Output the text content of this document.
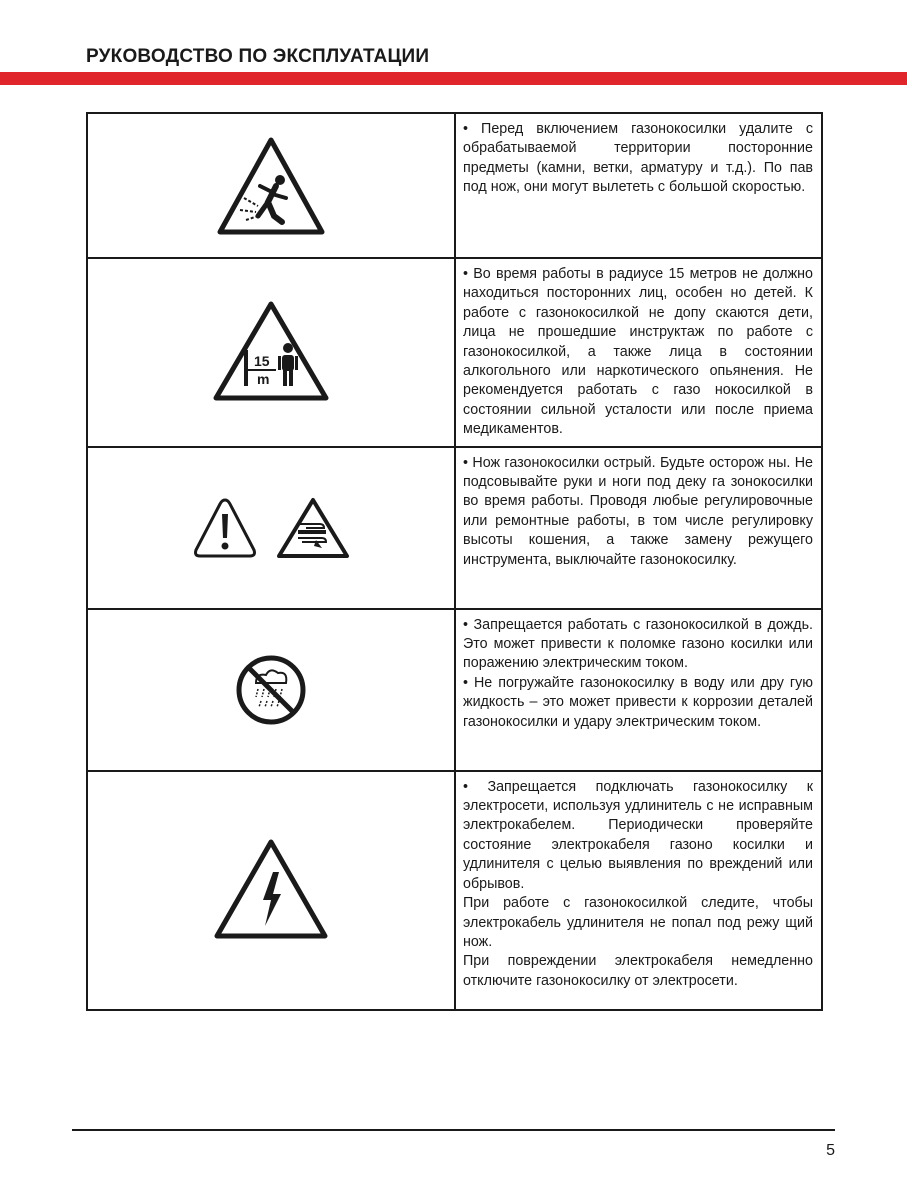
РУКОВОДСТВО ПО ЭКСПЛУАТАЦИИ

• Перед включением газонокосилки удалите с обрабатываемой территории посторонние предметы (камни, ветки, арматуру и т.д.). По пав под нож, они могут вылететь с большой скоростью.

15
m	• Во время работы в радиусе 15 метров не должно находиться посторонних лиц, особен но детей. К работе с газонокосилкой не допу скаются дети, лица не прошедшие инструктаж по работе с газонокосилкой, а также лица в состоянии алкогольного или наркотического опьянения. Не рекомендуется работать с газо нокосилкой в состоянии сильной усталости или после приема медикаментов.

• Нож газонокосилки острый. Будьте осторож ны. Не подсовывайте руки и ноги под деку га зонокосилки во время работы. Проводя любые регулировочные или ремонтные работы, в том числе регулировку высоты кошения, а также замену режущего инструмента, выключайте газонокосилку.

• Запрещается работать с газонокосилкой в дождь. Это может привести к поломке газоно косилки или поражению электрическим током.

• Не погружайте газонокосилку в воду или дру гую жидкость – это может привести к коррозии деталей газонокосилки и удару электрическим током.

• Запрещается подключать газонокосилку к электросети, используя удлинитель с не исправным электрокабелем. Периодически проверяйте состояние электрокабеля газоно косилки и удлинителя с целью выявления по вреждений или обрывов.

При работе с газонокосилкой следите, чтобы электрокабель удлинителя не попал под режу щий нож.

При повреждении электрокабеля немедленно отключите газонокосилку от электросети.

5
